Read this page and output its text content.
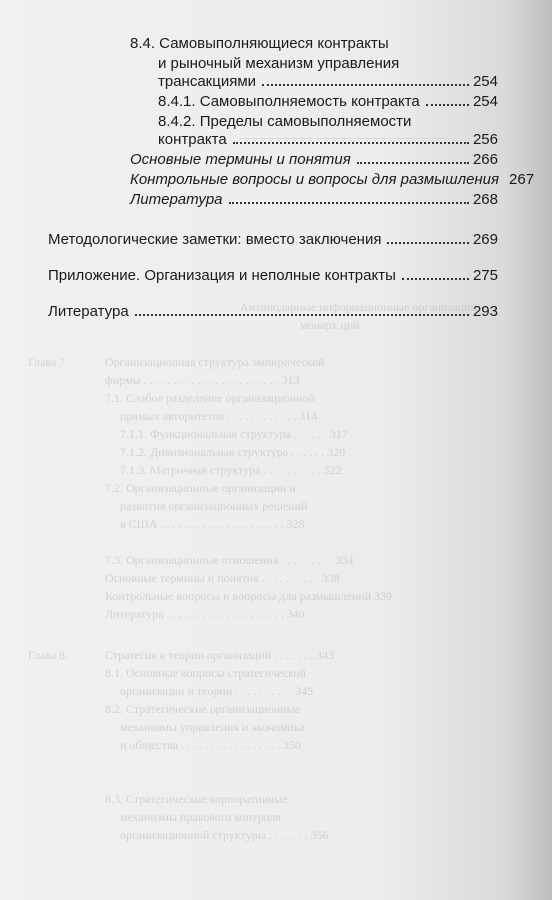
—————— ——— ——— —————
Антиподарные информационные организации
монарх ций
Глава 7.	Организационная структура эмпирической
фирмы . . . . . . . . . . . . . . . . . . . . . . . 313
7.1. Слабое разделение организационной
прямых авторитетов . . . . . . . . . . . . 314
7.1.1. Функциональная структура . . . . . . 317
7.1.2. Дивизиональная структура . . . . . . 320
7.1.3. Матричная структура . . . . . . . . . . 322
7.2. Организационные организации и
развития организационных решений
в США . . . . . . . . . . . . . . . . . . . . . 328
7.3. Организационные отношения . . . . . . . . . 334
Основные термины и понятия . . . . . . . . . . 338
Контрольные вопросы и вопросы для размышлений 339
Литература . . . . . . . . . . . . . . . . . . . . 340
Глава 8.	Стратегия в теории организаций . . . . . . . 343
8.1. Основные вопросы стратегической
организации и теории . . . . . . . . . . 345
8.2. Стратегические организационные
механизмы управления и экономика
и общества . . . . . . . . . . . . . . . . . 350
8.3. Стратегические корпоративные
механизмы правового контроля
организационной структуры . . . . . . . 356
8.4. Самовыполняющиеся контракты
и рыночный механизм управления
трансакциями	254
8.4.1. Самовыполняемость контракта	254
8.4.2. Пределы самовыполняемости
контракта	256
Основные термины и понятия	266
Контрольные вопросы и вопросы для размышления 267
Литература	268
Методологические заметки: вместо заключения	269
Приложение. Организация и неполные контракты	275
Литература	293
